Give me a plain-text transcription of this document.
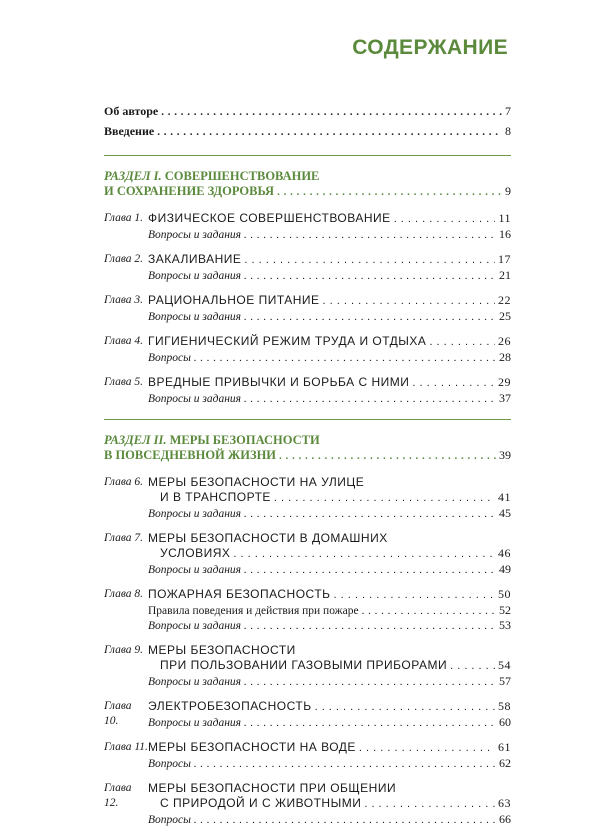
СОДЕРЖАНИЕ
Об авторе . . .	7
Введение . . .	8
РАЗДЕЛ I. СОВЕРШЕНСТВОВАНИЕ
И СОХРАНЕНИЕ ЗДОРОВЬЯ . . .	9
Глава 1. ФИЗИЧЕСКОЕ СОВЕРШЕНСТВОВАНИЕ . . .	11
Вопросы и задания . . .	16
Глава 2. ЗАКАЛИВАНИЕ . . .	17
Вопросы и задания . . .	21
Глава 3. РАЦИОНАЛЬНОЕ ПИТАНИЕ . . .	22
Вопросы и задания . . .	25
Глава 4. ГИГИЕНИЧЕСКИЙ РЕЖИМ ТРУДА И ОТДЫХА . . .	26
Вопросы . . .	28
Глава 5. ВРЕДНЫЕ ПРИВЫЧКИ И БОРЬБА С НИМИ . . .	29
Вопросы и задания . . .	37
РАЗДЕЛ II. МЕРЫ БЕЗОПАСНОСТИ
В ПОВСЕДНЕВНОЙ ЖИЗНИ . . .	39
Глава 6. МЕРЫ БЕЗОПАСНОСТИ НА УЛИЦЕ
И В ТРАНСПОРТЕ . . .	41
Вопросы и задания . . .	45
Глава 7. МЕРЫ БЕЗОПАСНОСТИ В ДОМАШНИХ
УСЛОВИЯХ . . .	46
Вопросы и задания . . .	49
Глава 8. ПОЖАРНАЯ БЕЗОПАСНОСТЬ . . .	50
Правила поведения и действия при пожаре . . .	52
Вопросы и задания . . .	53
Глава 9. МЕРЫ БЕЗОПАСНОСТИ
ПРИ ПОЛЬЗОВАНИИ ГАЗОВЫМИ ПРИБОРАМИ . . .	54
Вопросы и задания . . .	57
Глава 10.
ЭЛЕКТРОБЕЗОПАСНОСТЬ . . .	58
Вопросы и задания . . .	60
Глава 11. МЕРЫ БЕЗОПАСНОСТИ НА ВОДЕ . . .	61
Вопросы . . .	62
Глава 12.
МЕРЫ БЕЗОПАСНОСТИ ПРИ ОБЩЕНИИ
С ПРИРОДОЙ И С ЖИВОТНЫМИ . . .	63
Вопросы . . .	66
